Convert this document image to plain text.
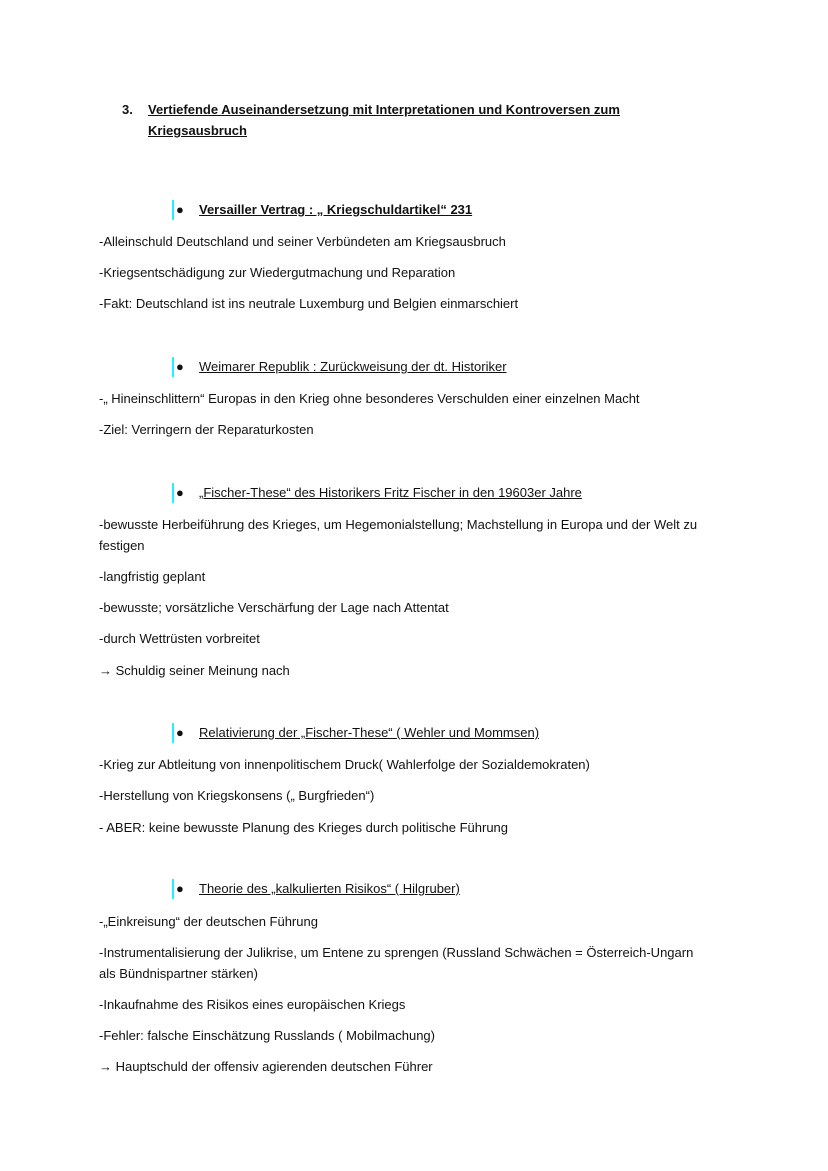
3. Vertiefende Auseinandersetzung mit Interpretationen und Kontroversen zum Kriegsausbruch
● Versailler Vertrag : „ Kriegschuldartikel“ 231
-Alleinschuld Deutschland und seiner Verbündeten am Kriegsausbruch
-Kriegsentschädigung zur Wiedergutmachung und Reparation
-Fakt: Deutschland ist ins neutrale Luxemburg und Belgien einmarschiert
● Weimarer Republik : Zurückweisung der dt. Historiker
-„ Hineinschlittern“ Europas in den Krieg ohne besonderes Verschulden einer einzelnen Macht
-Ziel: Verringern der Reparaturkosten
● „Fischer-These“ des Historikers Fritz Fischer in den 19603er Jahre
-bewusste Herbeiführung des Krieges, um Hegemonialstellung; Machstellung in Europa und der Welt zu festigen
-langfristig geplant
-bewusste; vorsätzliche Verschärfung der Lage nach Attentat
-durch Wettrüsten vorbreitet
→ Schuldig seiner Meinung nach
● Relativierung der „Fischer-These“ ( Wehler und Mommsen)
-Krieg zur Abtleitung von innenpolitischem Druck( Wahlerfolge der Sozialdemokraten)
-Herstellung von Kriegskonsens („ Burgfrieden“)
- ABER: keine bewusste Planung des Krieges durch politische Führung
● Theorie des „kalkulierten Risikos“ ( Hilgruber)
-„Einkreisung“ der deutschen Führung
-Instrumentalisierung der Julikrise, um Entene zu sprengen (Russland Schwächen = Österreich-Ungarn als Bündnispartner stärken)
-Inkaufnahme des Risikos eines europäischen Kriegs
-Fehler: falsche Einschätzung Russlands ( Mobilmachung)
→ Hauptschuld der offensiv agierenden deutschen Führer
